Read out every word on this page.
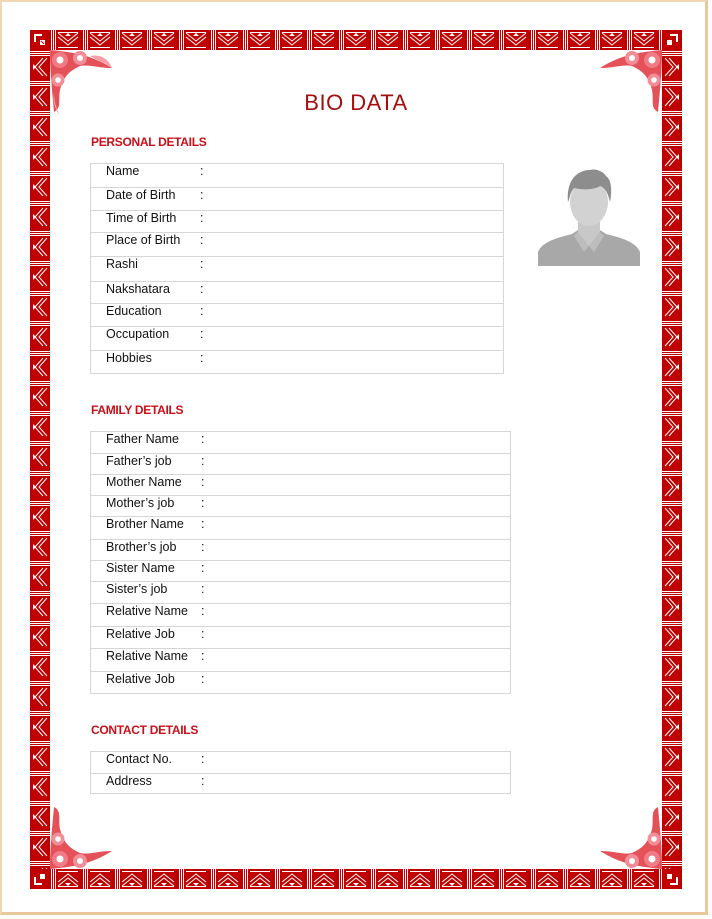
BIO DATA
PERSONAL DETAILS
Name	:
Date of Birth :
Time of Birth :
Place of Birth :
Rashi	:
Nakshatara :
Education	:
Occupation :
Hobbies	:
FAMILY DETAILS
Father Name :
Father’s job :
Mother Name :
Mother’s job :
Brother Name :
Brother’s job :
Sister Name :
Sister’s job	:
Relative Name :
Relative Job :
Relative Name :
Relative Job :
CONTACT DETAILS
Contact No. :
Address	:
